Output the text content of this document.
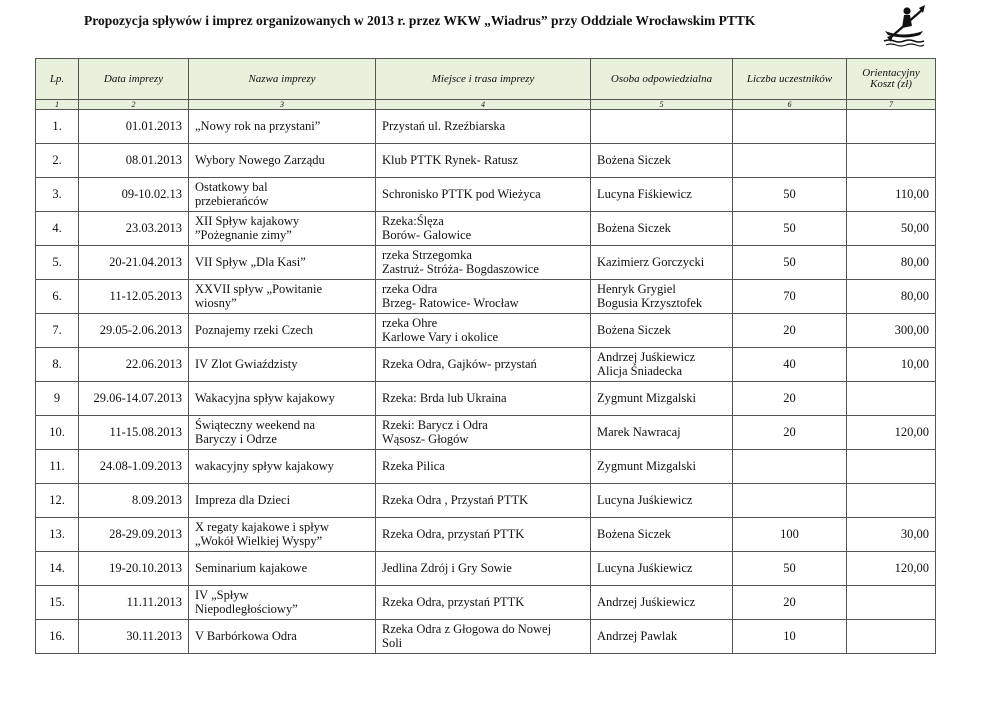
Propozycja spływów i imprez organizowanych w 2013 r. przez WKW „Wiadrus” przy Oddziale Wrocławskim PTTK
Lp.	Data imprezy	Nazwa imprezy	Miejsce i trasa imprezy	Osoba odpowiedzialna	Liczba uczestników	Orientacyjny Koszt (zł)
1	2	3	4	5	6	7
1.	01.01.2013	„Nowy rok na przystani”	Przystań ul. Rzeźbiarska			

2.	08.01.2013	Wybory Nowego Zarządu	Klub PTTK Rynek- Ratusz	Bożena Siczek		

3.	09-10.02.13	Ostatkowy bal
przebierańców	Schronisko PTTK pod Wieżyca	Lucyna Fiśkiewicz	50	110,00
4.	23.03.2013	XII Spływ kajakowy
”Pożegnanie zimy”	Rzeka:Ślęza
Borów- Galowice	Bożena Siczek	50	50,00
5.	20-21.04.2013	VII Spływ „Dla Kasi”	rzeka Strzegomka
Zastruż- Stróża- Bogdaszowice	Kazimierz Gorczycki	50	80,00
6.	11-12.05.2013	XXVII spływ „Powitanie
wiosny”	rzeka Odra
Brzeg- Ratowice- Wrocław	Henryk Grygiel
Bogusia Krzysztofek	70	80,00
7.	29.05-2.06.2013	Poznajemy rzeki Czech	rzeka Ohre
Karlowe Vary i okolice	Bożena Siczek	20	300,00
8.	22.06.2013	IV Zlot Gwiaździsty	Rzeka Odra, Gajków- przystań	Andrzej Juśkiewicz
Alicja Śniadecka	40	10,00
9	29.06-14.07.2013	Wakacyjna spływ kajakowy	Rzeka: Brda lub Ukraina	Zygmunt Mizgalski	20	
10.	11-15.08.2013	Świąteczny weekend na
Baryczy i Odrze	Rzeki: Barycz i Odra
Wąsosz- Głogów	Marek Nawracaj	20	120,00
11.	24.08-1.09.2013	wakacyjny spływ kajakowy	Rzeka Pilica	Zygmunt Mizgalski		

12.	8.09.2013	Impreza dla Dzieci	Rzeka Odra , Przystań PTTK	Lucyna Juśkiewicz		

13.	28-29.09.2013	X regaty kajakowe i spływ
„Wokół Wielkiej Wyspy”	Rzeka Odra, przystań PTTK	Bożena Siczek	100	30,00
14.	19-20.10.2013	Seminarium kajakowe	Jedlina Zdrój i Gry Sowie	Lucyna Juśkiewicz	50	120,00
15.	11.11.2013	IV „Spływ
Niepodległościowy”	Rzeka Odra, przystań PTTK	Andrzej Juśkiewicz	20	
16.	30.11.2013	V Barbórkowa Odra	Rzeka Odra z Głogowa do Nowej
Soli	Andrzej Pawlak	10	
